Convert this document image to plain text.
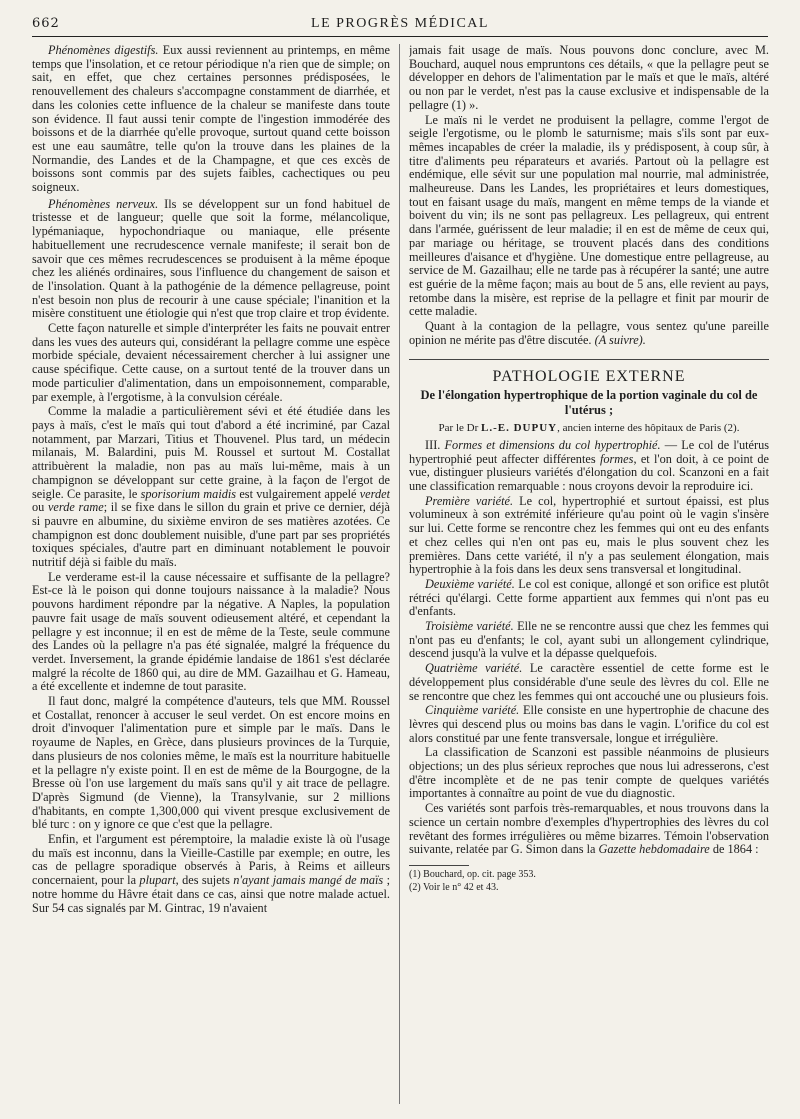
662	LE PROGRÈS MÉDICAL

Phénomènes digestifs. Eux aussi reviennent au printemps, en même temps que l'insolation, et ce retour périodique n'a rien que de simple; on sait, en effet, que chez certaines personnes prédisposées, le renouvellement des chaleurs s'accompagne constamment de diarrhée, et dans les colonies cette influence de la chaleur se manifeste dans toute son évidence. Il faut aussi tenir compte de l'ingestion immodérée des boissons et de la diarrhée qu'elle provoque, surtout quand cette boisson est une eau saumâtre, telle qu'on la trouve dans les plaines de la Normandie, des Landes et de la Champagne, et que ces excès de boissons sont commis par des sujets faibles, cachectiques ou peu soigneux.

Phénomènes nerveux. Ils se développent sur un fond habituel de tristesse et de langueur; quelle que soit la forme, mélancolique, lypémaniaque, hypochondriaque ou maniaque, elle présente habituellement une recrudescence vernale manifeste; il serait bon de savoir que ces mêmes recrudescences se produisent à la même époque chez les aliénés ordinaires, sous l'influence du changement de saison et de l'insolation. Quant à la pathogénie de la démence pellagreuse, point n'est besoin non plus de recourir à une cause spéciale; l'inanition et la misère constituent une étiologie qui n'est que trop claire et trop évidente.

Cette façon naturelle et simple d'interpréter les faits ne pouvait entrer dans les vues des auteurs qui, considérant la pellagre comme une espèce morbide spéciale, devaient nécessairement chercher à lui assigner une cause spécifique. Cette cause, on a surtout tenté de la trouver dans un mode particulier d'alimentation, dans un empoisonnement, comparable, par exemple, à l'ergotisme, à la convulsion céréale.

Comme la maladie a particulièrement sévi et été étudiée dans les pays à maïs, c'est le maïs qui tout d'abord a été incriminé, par Cazal notamment, par Marzari, Titius et Thouvenel. Plus tard, un médecin milanais, M. Balardini, puis M. Roussel et surtout M. Costallat attribuèrent la maladie, non pas au maïs lui-même, mais à un champignon se développant sur cette graine, à la façon de l'ergot de seigle. Ce parasite, le sporisorium maidis est vulgairement appelé verdet ou verde rame; il se fixe dans le sillon du grain et prive ce dernier, déjà si pauvre en albumine, du sixième environ de ses matières azotées. Ce champignon est donc doublement nuisible, d'une part par ses propriétés toxiques spéciales, d'autre part en diminuant notablement le pouvoir nutritif déjà si faible du maïs.

Le verderame est-il la cause nécessaire et suffisante de la pellagre? Est-ce là le poison qui donne toujours naissance à la maladie? Nous pouvons hardiment répondre par la négative. A Naples, la population pauvre fait usage de maïs souvent odieusement altéré, et cependant la pellagre y est inconnue; il en est de même de la Teste, seule commune des Landes où la pellagre n'a pas été signalée, malgré la fréquence du verdet. Inversement, la grande épidémie landaise de 1861 s'est déclarée malgré la récolte de 1860 qui, au dire de MM. Gazailhau et G. Hameau, a été excellente et indemne de tout parasite.

Il faut donc, malgré la compétence d'auteurs, tels que MM. Roussel et Costallat, renoncer à accuser le seul verdet. On est encore moins en droit d'invoquer l'alimentation pure et simple par le maïs. Dans le royaume de Naples, en Grèce, dans plusieurs provinces de la Turquie, dans plusieurs de nos colonies même, le maïs est la nourriture habituelle et la pellagre n'y existe point. Il en est de même de la Bourgogne, de la Bresse où l'on use largement du maïs sans qu'il y ait trace de pellagre. D'après Sigmund (de Vienne), la Transylvanie, sur 2 millions d'habitants, en compte 1,300,000 qui vivent presque exclusivement de blé turc : on y ignore ce que c'est que la pellagre.

Enfin, et l'argument est péremptoire, la maladie existe là où l'usage du maïs est inconnu, dans la Vieille-Castille par exemple; en outre, les cas de pellagre sporadique observés à Paris, à Reims et ailleurs concernaient, pour la plupart, des sujets n'ayant jamais mangé de maïs ; notre homme du Hâvre était dans ce cas, ainsi que notre malade actuel. Sur 54 cas signalés par M. Gintrac, 19 n'avaient

jamais fait usage de maïs. Nous pouvons donc conclure, avec M. Bouchard, auquel nous empruntons ces détails, « que la pellagre peut se développer en dehors de l'alimentation par le maïs et que le maïs, altéré ou non par le verdet, n'est pas la cause exclusive et indispensable de la pellagre (1) ».

Le maïs ni le verdet ne produisent la pellagre, comme l'ergot de seigle l'ergotisme, ou le plomb le saturnisme; mais s'ils sont par eux-mêmes incapables de créer la maladie, ils y prédisposent, à coup sûr, à titre d'aliments peu réparateurs et avariés. Partout où la pellagre est endémique, elle sévit sur une population mal nourrie, mal administrée, malheureuse. Dans les Landes, les propriétaires et leurs domestiques, tout en faisant usage du maïs, mangent en même temps de la viande et boivent du vin; ils ne sont pas pellagreux. Les pellagreux, qui entrent dans l'armée, guérissent de leur maladie; il en est de même de ceux qui, par mariage ou héritage, se trouvent placés dans des conditions meilleures d'aisance et d'hygiène. Une domestique entre pellagreuse, au service de M. Gazailhau; elle ne tarde pas à récupérer la santé; une autre est guérie de la même façon; mais au bout de 5 ans, elle revient au pays, retombe dans la misère, est reprise de la pellagre et finit par mourir de cette maladie.

Quant à la contagion de la pellagre, vous sentez qu'une pareille opinion ne mérite pas d'être discutée. (A suivre).

PATHOLOGIE EXTERNE

De l'élongation hypertrophique de la portion vaginale du col de l'utérus ;

Par le Dr L.-E. DUPUY, ancien interne des hôpitaux de Paris (2).

III. Formes et dimensions du col hypertrophié. — Le col de l'utérus hypertrophié peut affecter différentes formes, et l'on doit, à ce point de vue, distinguer plusieurs variétés d'élongation du col. Scanzoni en a fait une classification remarquable : nous croyons devoir la reproduire ici.

Première variété. Le col, hypertrophié et surtout épaissi, est plus volumineux à son extrémité inférieure qu'au point où le vagin s'insère sur lui. Cette forme se rencontre chez les femmes qui ont eu des enfants et chez celles qui n'en ont pas eu, mais le plus souvent chez les premières. Dans cette variété, il n'y a pas seulement élongation, mais hypertrophie à la fois dans les deux sens transversal et longitudinal.

Deuxième variété. Le col est conique, allongé et son orifice est plutôt rétréci qu'élargi. Cette forme appartient aux femmes qui n'ont pas eu d'enfants.

Troisième variété. Elle ne se rencontre aussi que chez les femmes qui n'ont pas eu d'enfants; le col, ayant subi un allongement cylindrique, descend jusqu'à la vulve et la dépasse quelquefois.

Quatrième variété. Le caractère essentiel de cette forme est le développement plus considérable d'une seule des lèvres du col. Elle ne se rencontre que chez les femmes qui ont accouché une ou plusieurs fois.

Cinquième variété. Elle consiste en une hypertrophie de chacune des lèvres qui descend plus ou moins bas dans le vagin. L'orifice du col est alors constitué par une fente transversale, longue et irrégulière.

La classification de Scanzoni est passible néanmoins de plusieurs objections; un des plus sérieux reproches que nous lui adresserons, c'est d'être incomplète et de ne pas tenir compte de quelques variétés importantes à connaître au point de vue du diagnostic.

Ces variétés sont parfois très-remarquables, et nous trouvons dans la science un certain nombre d'exemples d'hypertrophies des lèvres du col revêtant des formes irrégulières ou même bizarres. Témoin l'observation suivante, relatée par G. Simon dans la Gazette hebdomadaire de 1864 :

(1) Bouchard, op. cit. page 353.

(2) Voir le n° 42 et 43.
